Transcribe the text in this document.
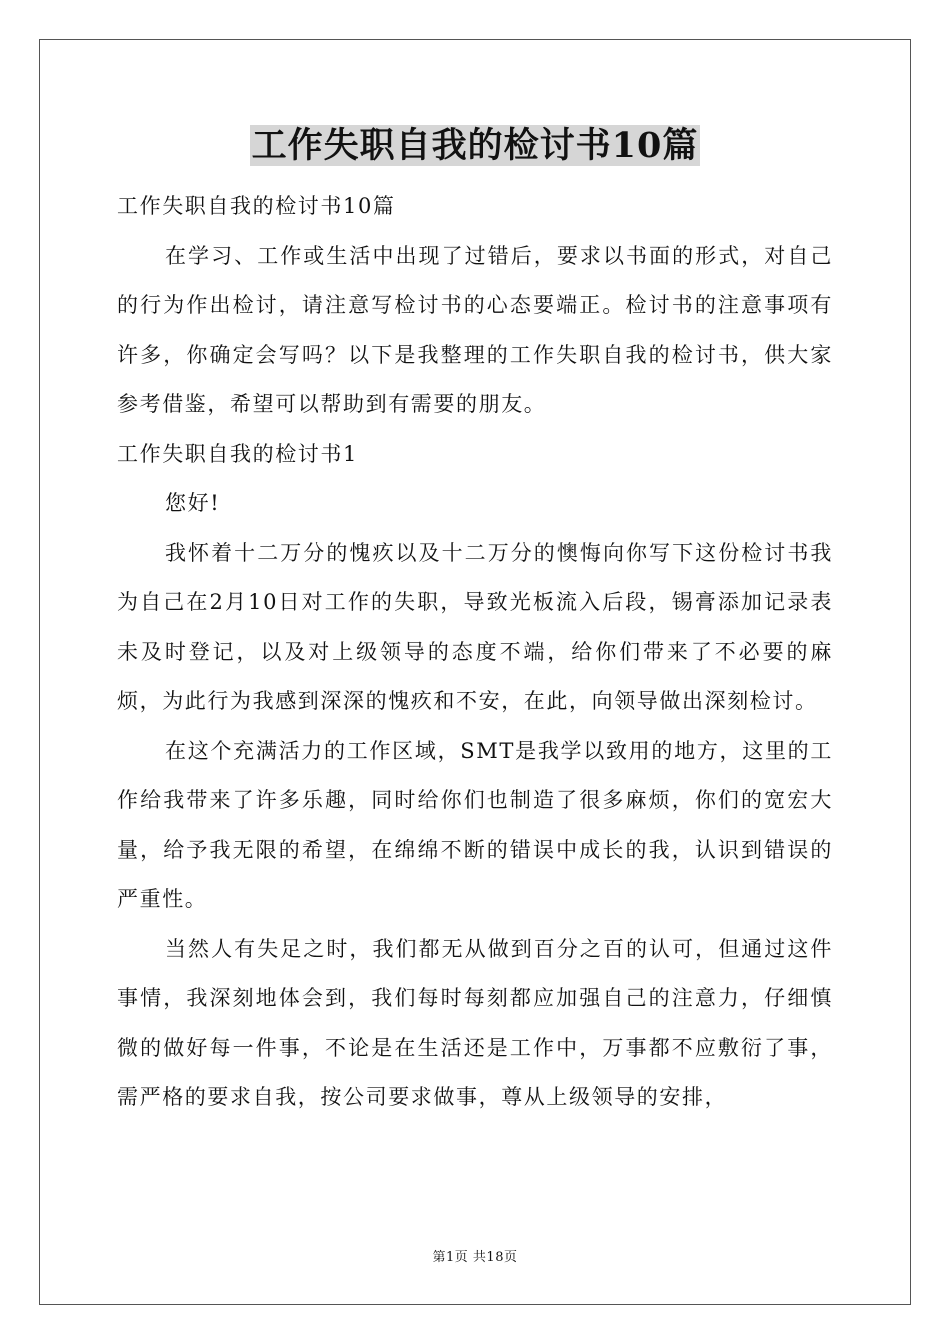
工作失职自我的检讨书10篇

工作失职自我的检讨书10篇

在学习、工作或生活中出现了过错后，要求以书面的形式，对自己的行为作出检讨，请注意写检讨书的心态要端正。检讨书的注意事项有许多，你确定会写吗？以下是我整理的工作失职自我的检讨书，供大家参考借鉴，希望可以帮助到有需要的朋友。

工作失职自我的检讨书1

您好!

我怀着十二万分的愧疚以及十二万分的懊悔向你写下这份检讨书我为自己在2月10日对工作的失职，导致光板流入后段，锡膏添加记录表未及时登记，以及对上级领导的态度不端，给你们带来了不必要的麻烦，为此行为我感到深深的愧疚和不安，在此，向领导做出深刻检讨。

在这个充满活力的工作区域，SMT是我学以致用的地方，这里的工作给我带来了许多乐趣，同时给你们也制造了很多麻烦，你们的宽宏大量，给予我无限的希望，在绵绵不断的错误中成长的我，认识到错误的严重性。

当然人有失足之时，我们都无从做到百分之百的认可，但通过这件事情，我深刻地体会到，我们每时每刻都应加强自己的注意力，仔细慎微的做好每一件事，不论是在生活还是工作中，万事都不应敷衍了事，需严格的要求自我，按公司要求做事，尊从上级领导的安排，

第1页 共18页
